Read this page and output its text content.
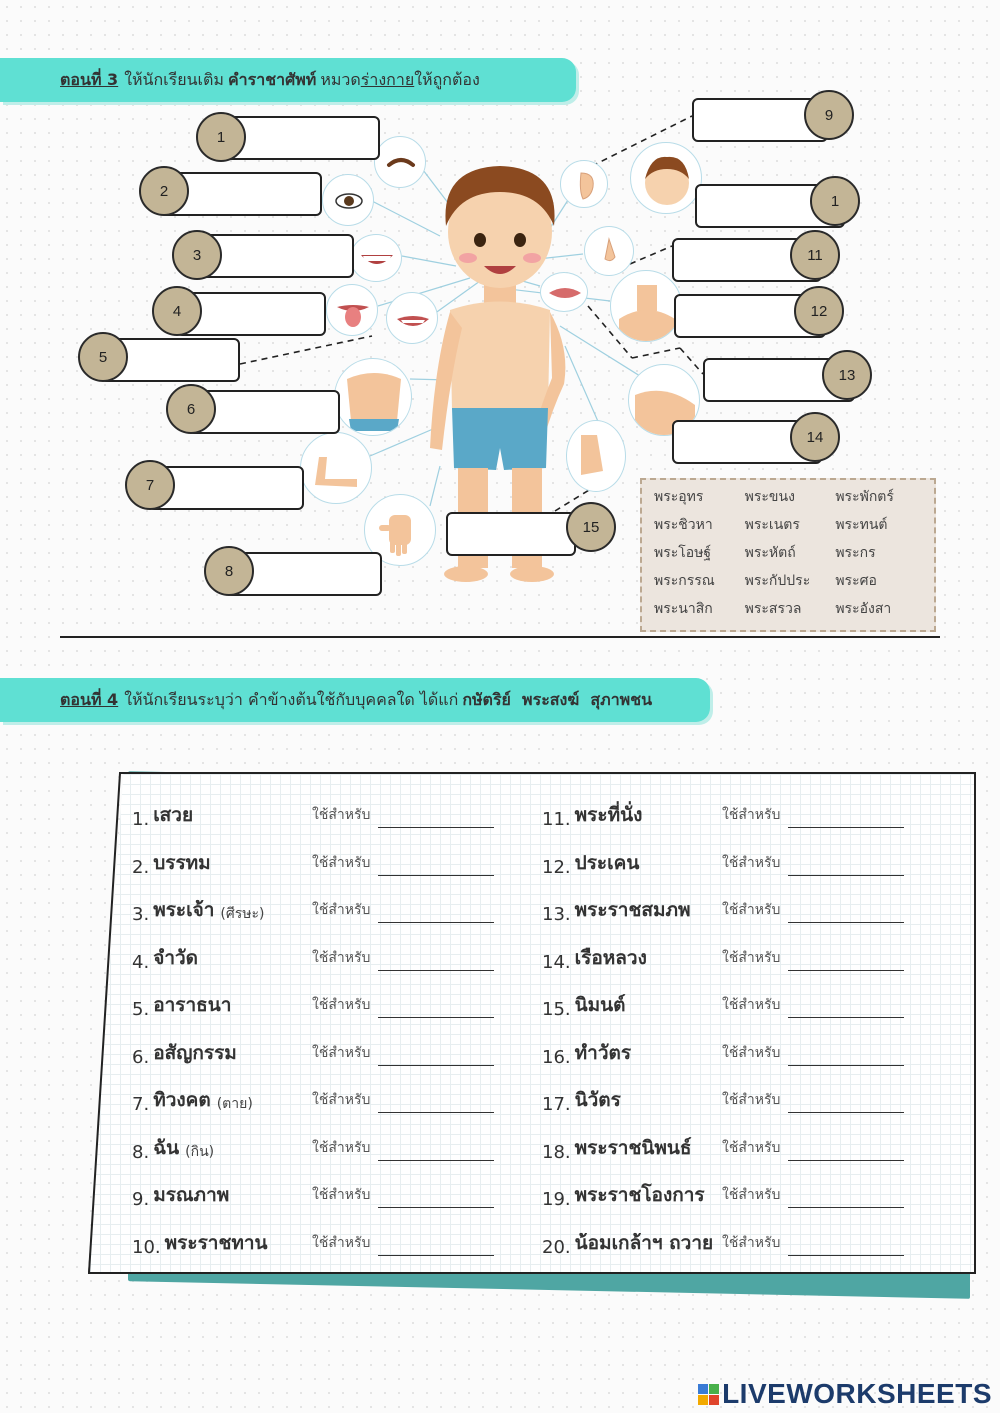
ตอนที่ 3 ให้นักเรียนเติม คำราชาศัพท์ หมวด ร่างกาย ให้ถูกต้อง
1
2
3
4
5
6
7
8
9
1
11
12
13
14
15
พระอุทร	พระขนง	พระพักตร์
พระชิวหา	พระเนตร	พระทนต์
พระโอษฐ์	พระหัตถ์	พระกร
พระกรรณ	พระกัปประ	พระศอ
พระนาสิก	พระสรวล	พระอังสา
ตอนที่ 4 ให้นักเรียนระบุว่า คำข้างต้นใช้กับบุคคลใด ได้แก่ กษัตริย์  พระสงฆ์  สุภาพชน
1. เสวย	ใช้สำหรับ
2. บรรทม	ใช้สำหรับ
3. พระเจ้า (ศีรษะ)	ใช้สำหรับ
4. จำวัด	ใช้สำหรับ
5. อาราธนา	ใช้สำหรับ
6. อสัญกรรม	ใช้สำหรับ
7. ทิวงคต (ตาย)	ใช้สำหรับ
8. ฉัน (กิน)	ใช้สำหรับ
9. มรณภาพ	ใช้สำหรับ
10. พระราชทาน	ใช้สำหรับ
11. พระที่นั่ง	ใช้สำหรับ
12. ประเคน	ใช้สำหรับ
13. พระราชสมภพ ใช้สำหรับ
14. เรือหลวง	ใช้สำหรับ
15. นิมนต์	ใช้สำหรับ
16. ทำวัตร	ใช้สำหรับ
17. นิวัตร	ใช้สำหรับ
18. พระราชนิพนธ์ ใช้สำหรับ
19. พระราชโองการ ใช้สำหรับ
20. น้อมเกล้าฯ ถวาย ใช้สำหรับ
LIVEWORKSHEETS
